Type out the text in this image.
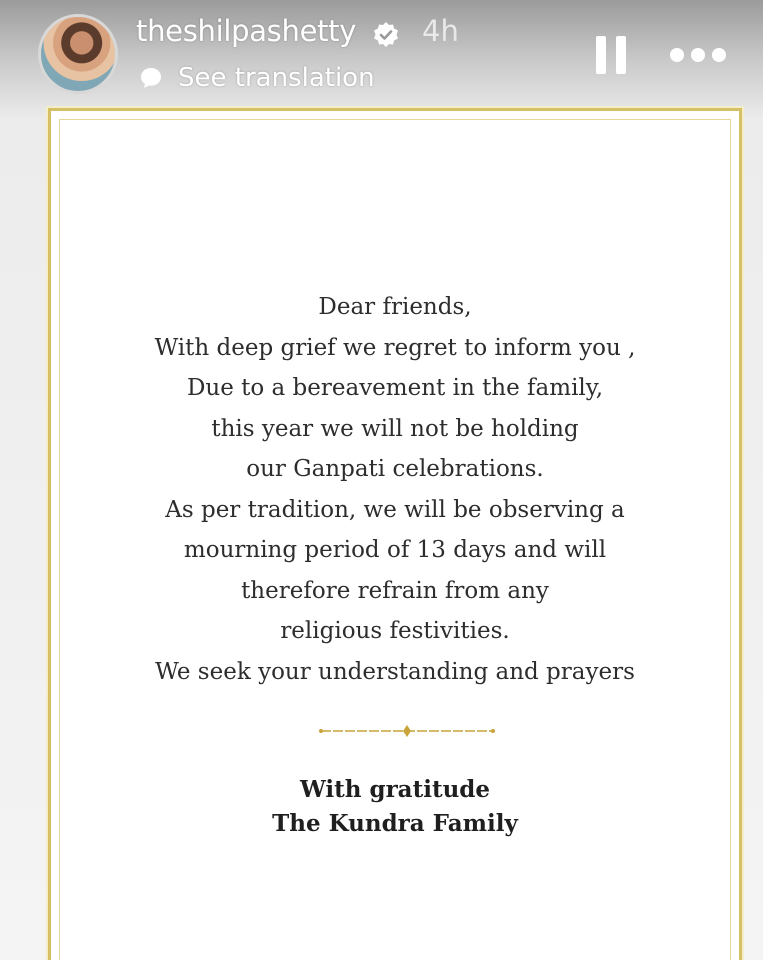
theshilpashetty 4h
See translation

Dear friends,

With deep grief we regret to inform you ,

Due to a bereavement in the family,

this year we will not be holding

our Ganpati celebrations.

As per tradition, we will be observing a

mourning period of 13 days and will

therefore refrain from any

religious festivities.

We seek your understanding and prayers

With gratitude

The Kundra Family
